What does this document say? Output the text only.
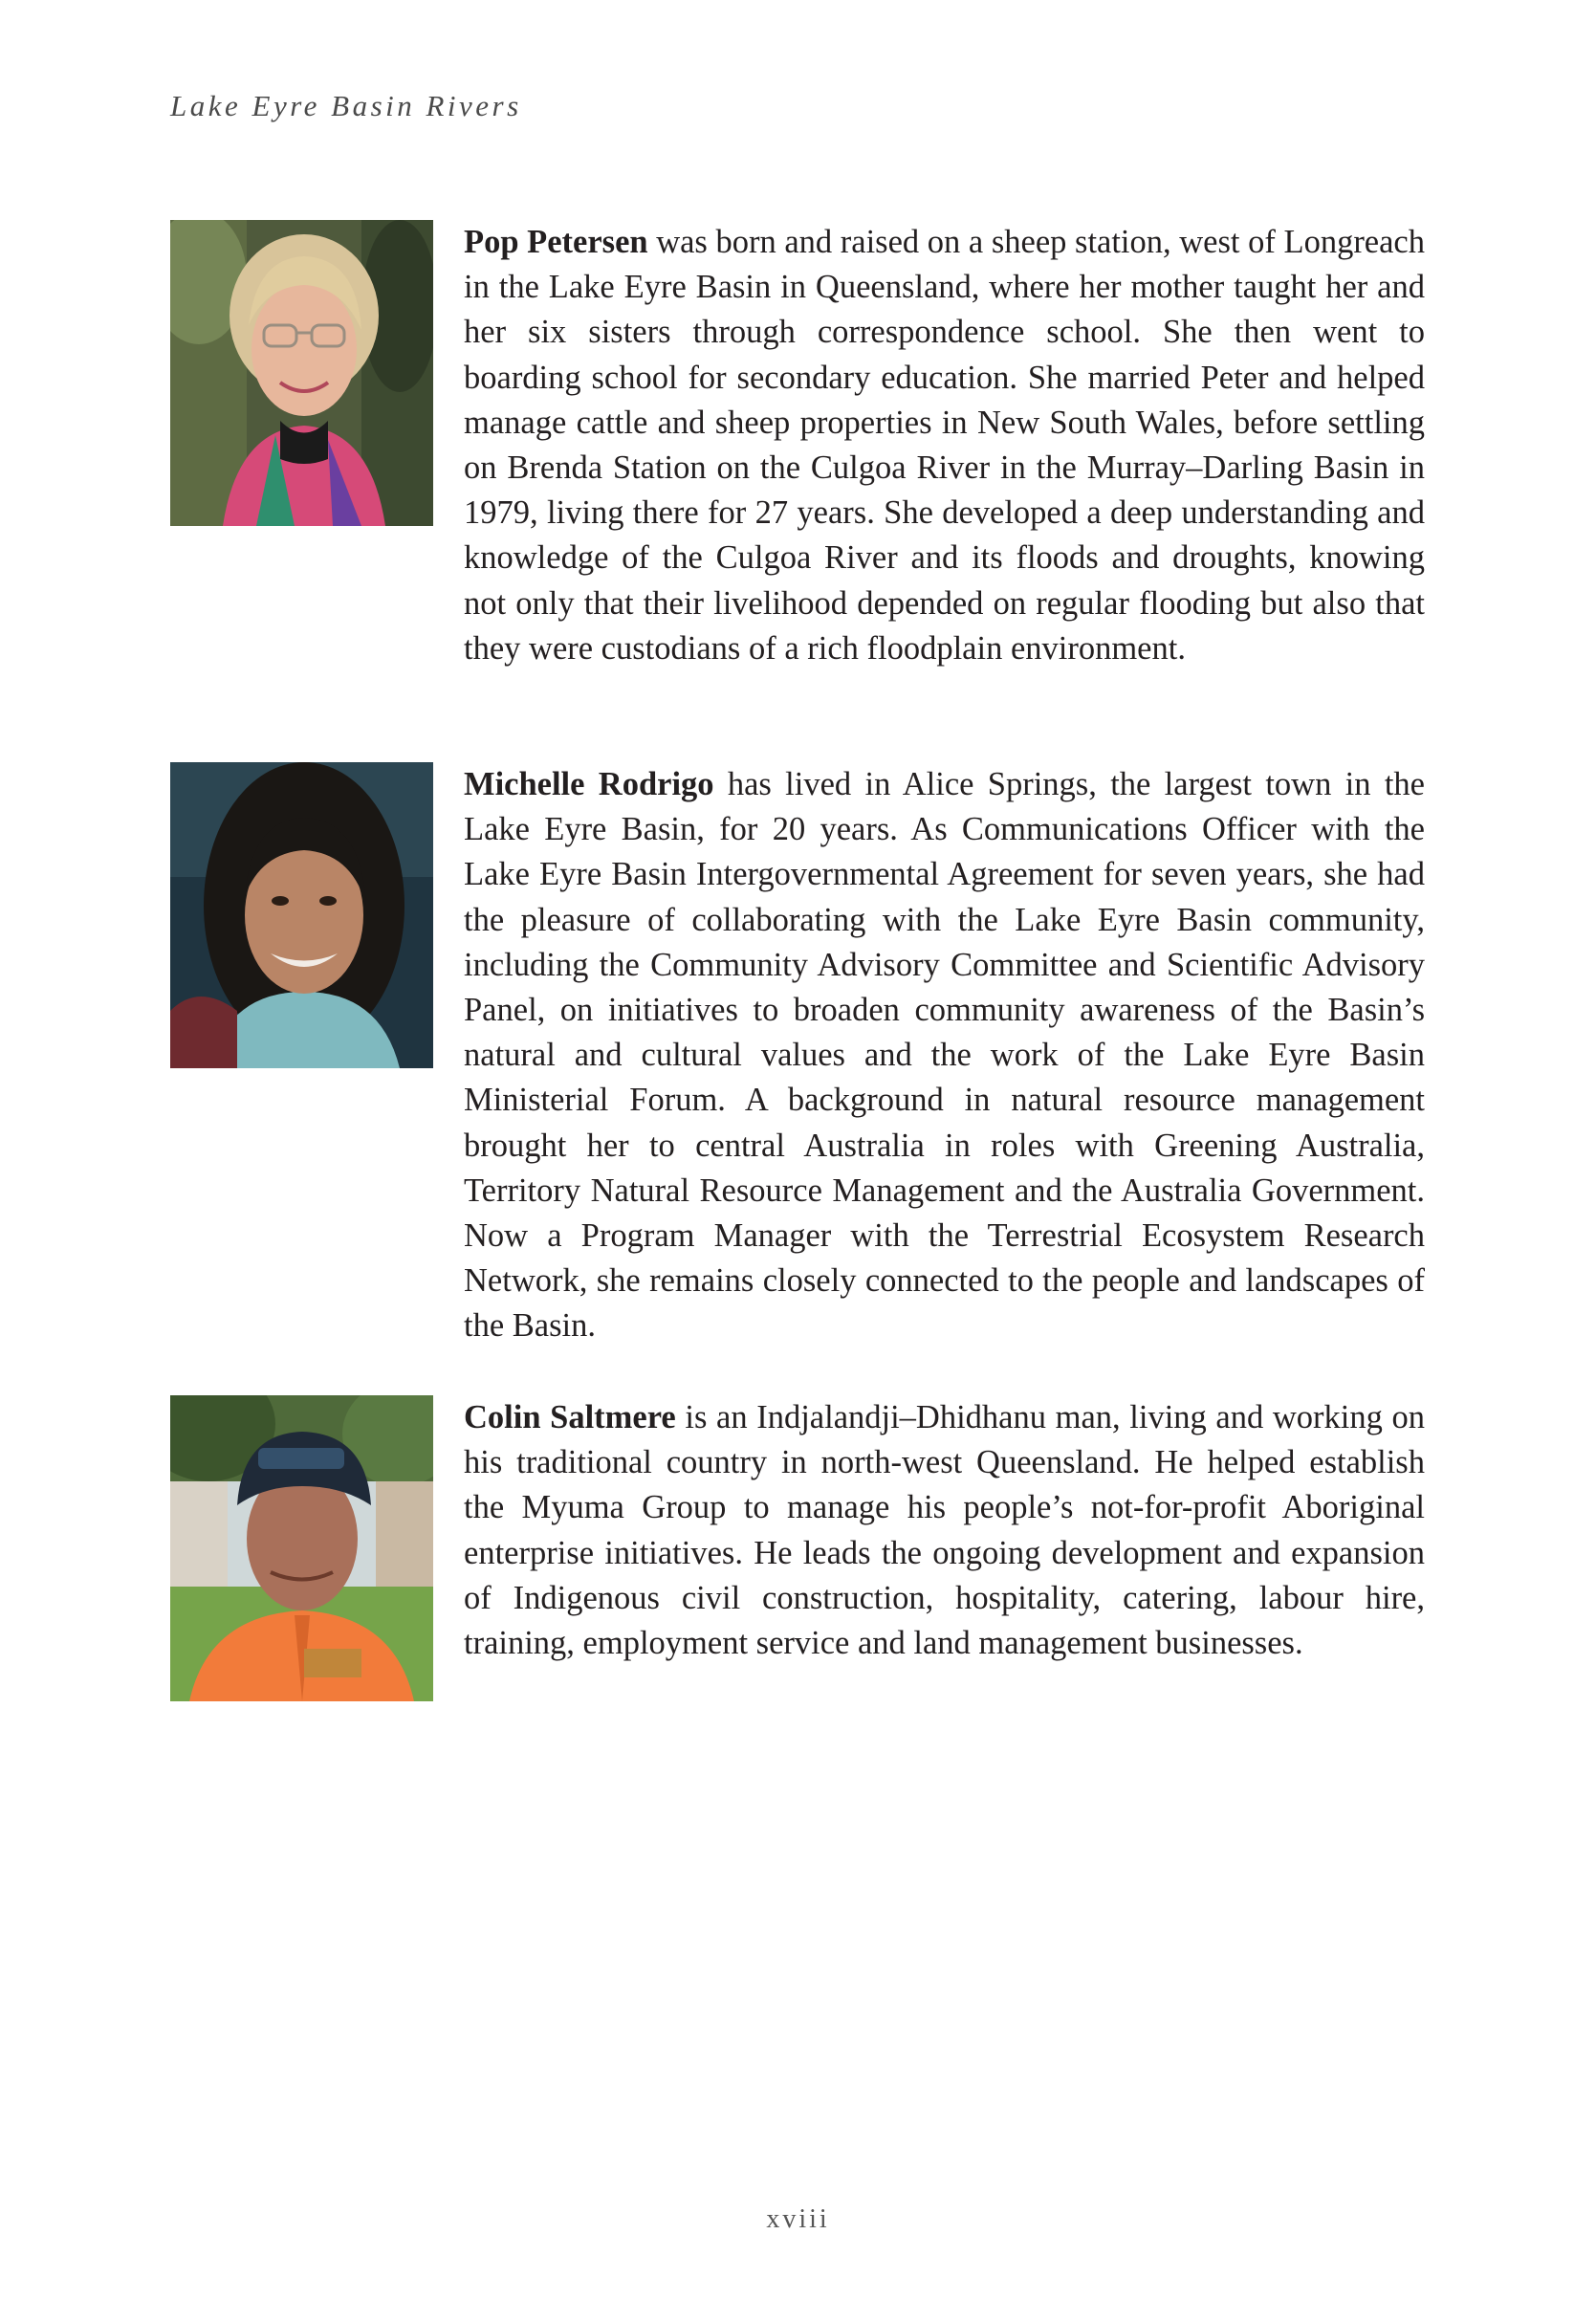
Lake Eyre Basin Rivers

Pop Petersen was born and raised on a sheep station, west of Longreach in the Lake Eyre Basin in Queensland, where her mother taught her and her six sisters through correspondence school. She then went to boarding school for secondary education. She married Peter and helped manage cattle and sheep properties in New South Wales, before settling on Brenda Station on the Culgoa River in the Murray–Darling Basin in 1979, living there for 27 years. She developed a deep understanding and knowledge of the Culgoa River and its floods and droughts, knowing not only that their livelihood depended on regular flooding but also that they were custodians of a rich floodplain environment.

Michelle Rodrigo has lived in Alice Springs, the largest town in the Lake Eyre Basin, for 20 years. As Communications Officer with the Lake Eyre Basin Intergovernmental Agreement for seven years, she had the pleasure of collaborating with the Lake Eyre Basin community, including the Community Advisory Committee and Scientific Advisory Panel, on initiatives to broaden community awareness of the Basin’s natural and cultural values and the work of the Lake Eyre Basin Ministerial Forum. A background in natural resource management brought her to central Australia in roles with Greening Australia, Territory Natural Resource Management and the Australia Government. Now a Program Manager with the Terrestrial Ecosystem Research Network, she remains closely connected to the people and landscapes of the Basin.

Colin Saltmere is an Indjalandji–Dhidhanu man, living and working on his traditional country in north-west Queensland. He helped establish the Myuma Group to manage his people’s not-for-profit Aboriginal enterprise initiatives. He leads the ongoing development and expansion of Indigenous civil construction, hospitality, catering, labour hire, training, employment service and land management businesses.

xviii
